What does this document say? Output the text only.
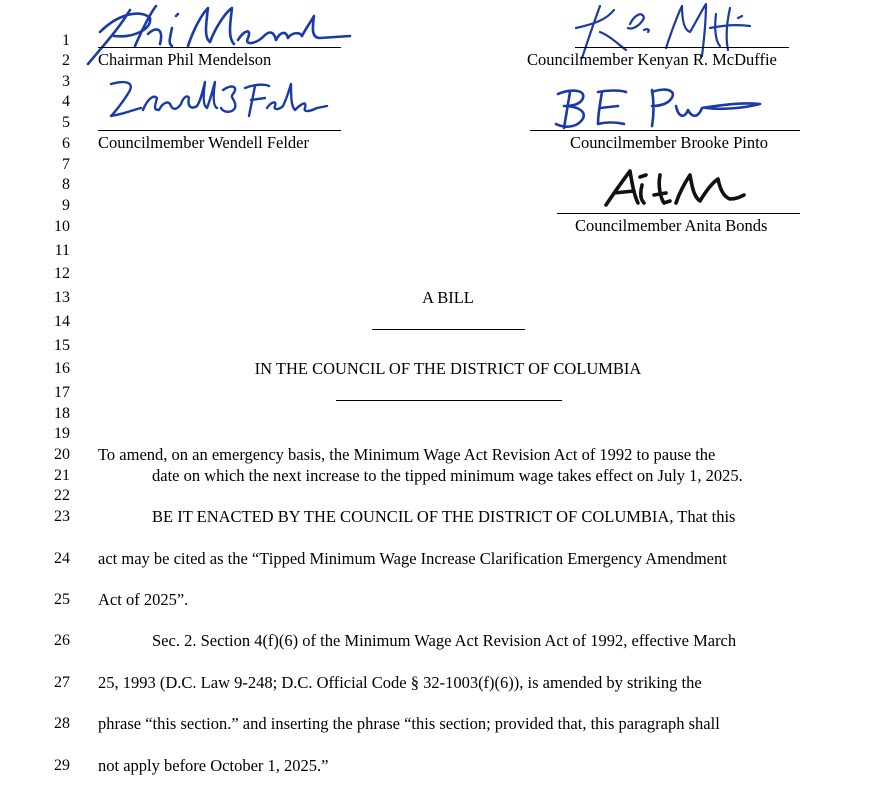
1
2
3
4
5
6
7
8
9
10
11
12
13
14
15
16
17
18
19
20
21
22
23
24
25
26
27
28
29
Chairman Phil Mendelson	Councilmember Kenyan R. McDuffie
Councilmember Wendell Felder	Councilmember Brooke Pinto
Councilmember Anita Bonds
A BILL
IN THE COUNCIL OF THE DISTRICT OF COLUMBIA
To amend, on an emergency basis, the Minimum Wage Act Revision Act of 1992 to pause the
date on which the next increase to the tipped minimum wage takes effect on July 1, 2025.
BE IT ENACTED BY THE COUNCIL OF THE DISTRICT OF COLUMBIA, That this
act may be cited as the “Tipped Minimum Wage Increase Clarification Emergency Amendment
Act of 2025”.
Sec. 2. Section 4(f)(6) of the Minimum Wage Act Revision Act of 1992, effective March
25, 1993 (D.C. Law 9-248; D.C. Official Code § 32-1003(f)(6)), is amended by striking the
phrase “this section.” and inserting the phrase “this section; provided that, this paragraph shall
not apply before October 1, 2025.”
